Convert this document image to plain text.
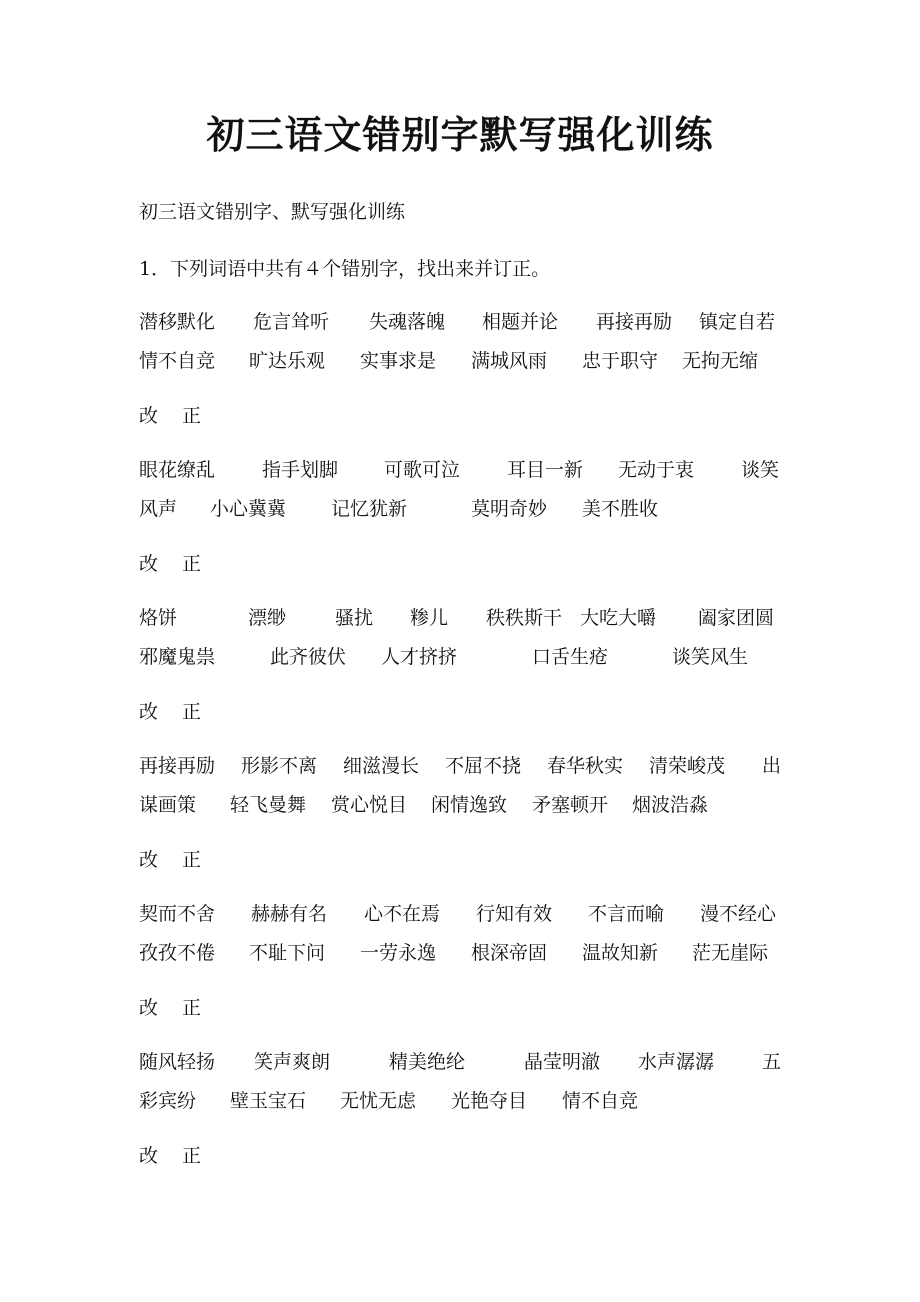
初三语文错别字默写强化训练
初三语文错别字、默写强化训练
1．下列词语中共有４个错别字，找出来并订正。
潜移默化 危言耸听 失魂落魄 相题并论 再接再励 镇定自若
情不自竞 旷达乐观 实事求是 满城风雨 忠于职守 无拘无缩
改 正
眼花缭乱 指手划脚 可歌可泣 耳目一新 无动于衷 谈笑
风声 小心冀冀 记忆犹新	莫明奇妙 美不胜收
改 正
烙饼	漂缈	骚扰 糁儿 秩秩斯干 大吃大嚼 阖家团圆
邪魔鬼祟	此齐彼伏 人才挤挤	口舌生疮	谈笑风生
改 正
再接再励 形影不离 细滋漫长 不屈不挠 春华秋实 清荣峻茂 出
谋画策 轻飞曼舞 赏心悦目 闲情逸致 矛塞顿开 烟波浩淼
改 正
契而不舍 赫赫有名 心不在焉 行知有效 不言而喻 漫不经心
孜孜不倦 不耻下问 一劳永逸 根深帝固 温故知新 茫无崖际
改 正
随风轻扬 笑声爽朗	精美绝纶	晶莹明澈 水声潺潺	五
彩宾纷 壁玉宝石 无忧无虑 光艳夺目 情不自竞
改 正
